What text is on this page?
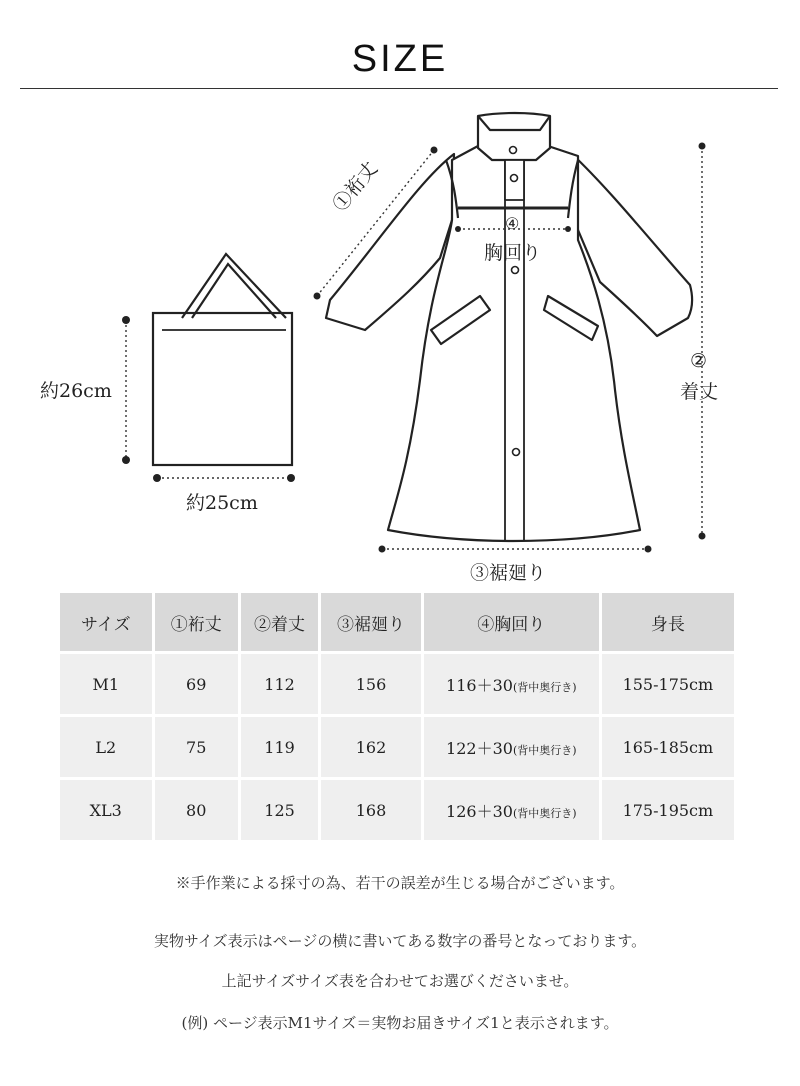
SIZE
約26cm
約25cm
①裄丈
④
胸回り
②
着丈
③裾廻り
サイズ	①裄丈	②着丈	③裾廻り	④胸回り	身長
M1	69	112	156	116＋30(背中奥行き)	155-175cm
L2	75	119	162	122＋30(背中奥行き)	165-185cm
XL3	80	125	168	126＋30(背中奥行き)	175-195cm
※手作業による採寸の為、若干の誤差が生じる場合がございます。
実物サイズ表示はページの横に書いてある数字の番号となっております。
上記サイズサイズ表を合わせてお選びくださいませ。
(例) ページ表示M1サイズ＝実物お届きサイズ1と表示されます。
